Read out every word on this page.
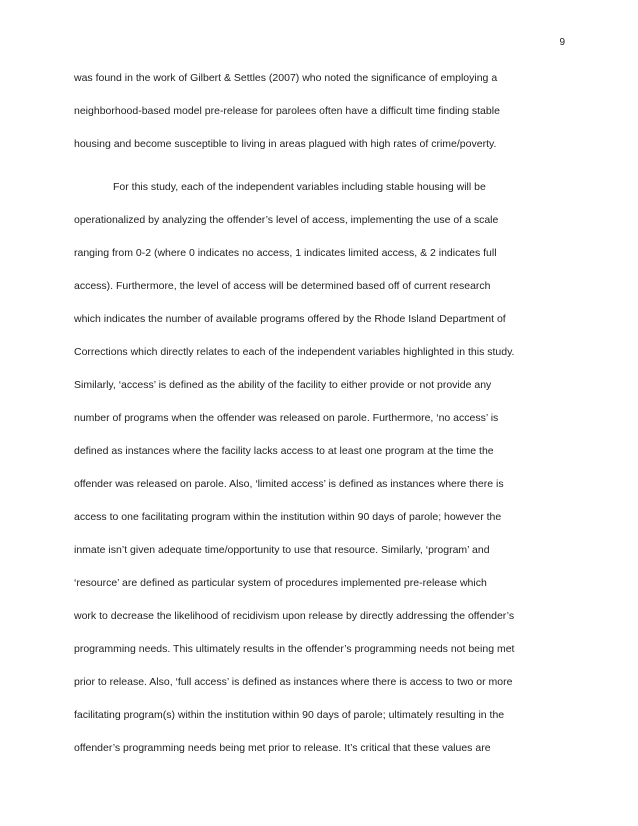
9
was found in the work of Gilbert & Settles (2007) who noted the significance of employing a
neighborhood-based model pre-release for parolees often have a difficult time finding stable
housing and become susceptible to living in areas plagued with high rates of crime/poverty.
For this study, each of the independent variables including stable housing will be
operationalized by analyzing the offender’s level of access, implementing the use of a scale
ranging from 0-2 (where 0 indicates no access, 1 indicates limited access, & 2 indicates full
access). Furthermore, the level of access will be determined based off of current research
which indicates the number of available programs offered by the Rhode Island Department of
Corrections which directly relates to each of the independent variables highlighted in this study.
Similarly, ‘access’ is defined as the ability of the facility to either provide or not provide any
number of programs when the offender was released on parole. Furthermore, ‘no access’ is
defined as instances where the facility lacks access to at least one program at the time the
offender was released on parole. Also, ‘limited access’ is defined as instances where there is
access to one facilitating program within the institution within 90 days of parole; however the
inmate isn’t given adequate time/opportunity to use that resource. Similarly, ‘program’ and
‘resource’ are defined as particular system of procedures implemented pre-release which
work to decrease the likelihood of recidivism upon release by directly addressing the offender’s
programming needs. This ultimately results in the offender’s programming needs not being met
prior to release. Also, ‘full access’ is defined as instances where there is access to two or more
facilitating program(s) within the institution within 90 days of parole; ultimately resulting in the
offender’s programming needs being met prior to release. It’s critical that these values are
